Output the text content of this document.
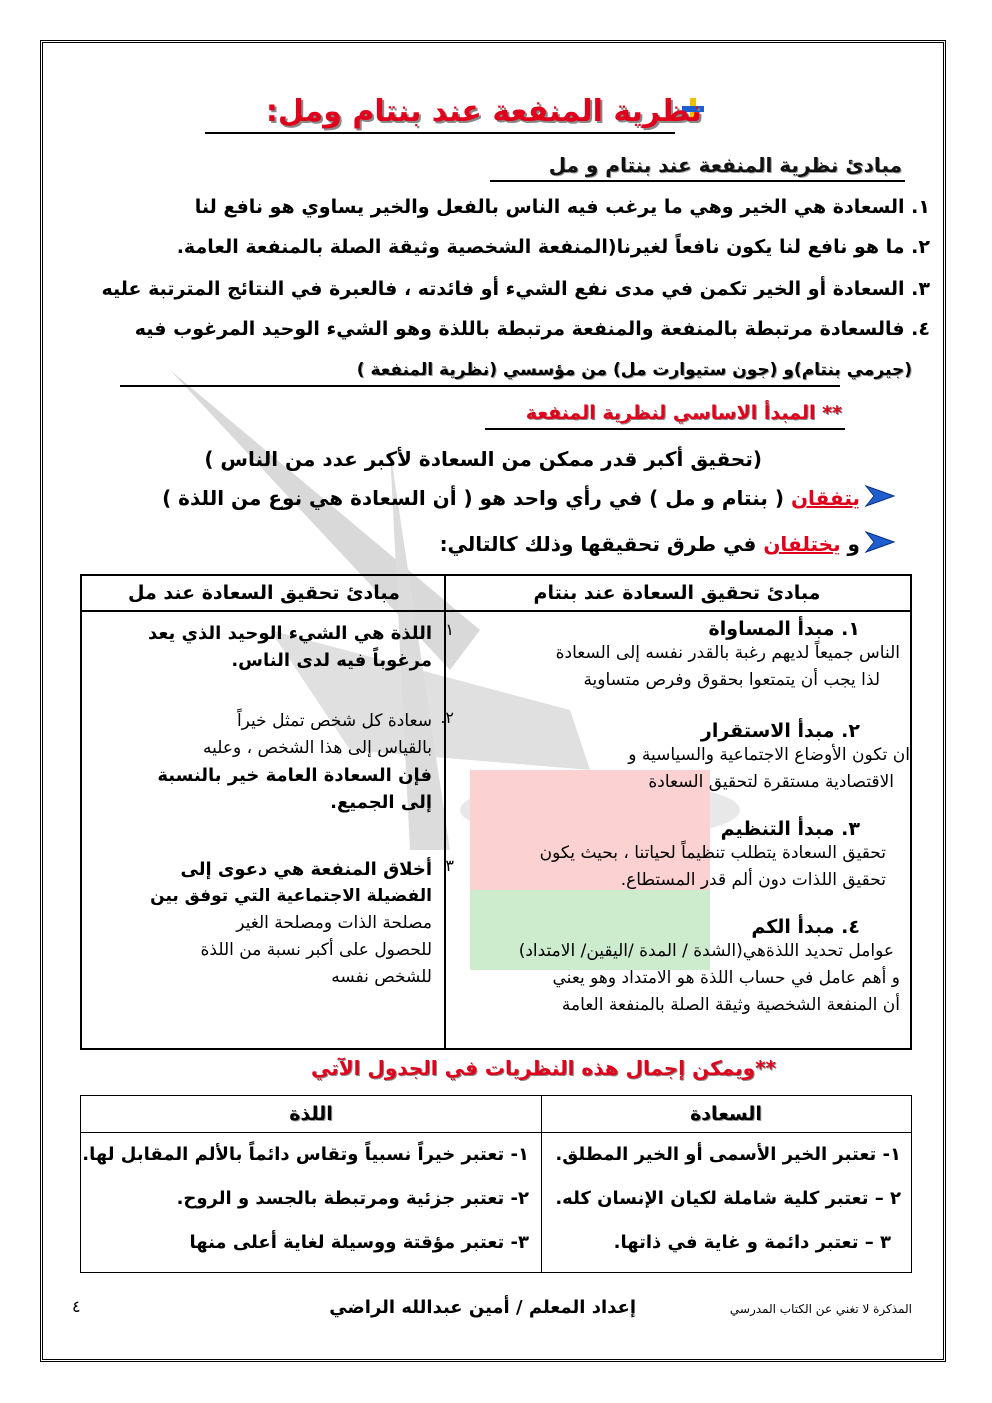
نظرية المنفعة عند بنتام ومل:
مبادئ نظرية المنفعة عند بنتام و مل
١. السعادة هي الخير وهي ما يرغب فيه الناس بالفعل والخير يساوي هو نافع لنا
٢. ما هو نافع لنا يكون نافعاً لغيرنا(المنفعة الشخصية وثيقة الصلة بالمنفعة العامة.
٣. السعادة أو الخير تكمن في مدى نفع الشيء أو فائدته ، فالعبرة في النتائج المترتبة عليه
٤. فالسعادة مرتبطة بالمنفعة والمنفعة مرتبطة باللذة وهو الشيء الوحيد المرغوب فيه
(جيرمي بنتام)و (جون ستيوارت مل) من مؤسسي (نظرية المنفعة )
** المبدأ الاساسي لنظرية المنفعة
(تحقيق أكبر قدر ممكن من السعادة لأكبر عدد من الناس )
يتفقان ( بنتام و مل ) في رأي واحد هو ( أن السعادة هي نوع من اللذة )
و يختلفان في طرق تحقيقها وذلك كالتالي:
مبادئ تحقيق السعادة عند بنتام
مبادئ تحقيق السعادة عند مل
١. مبدأ المساواة
الناس جميعاً لديهم رغبة بالقدر نفسه إلى السعادة
لذا يجب أن يتمتعوا بحقوق وفرص متساوية
٢. مبدأ الاستقرار
ان تكون الأوضاع الاجتماعية والسياسية و
الاقتصادية مستقرة لتحقيق السعادة
٣. مبدأ التنظيم
تحقيق السعادة يتطلب تنظيماً لحياتنا ، بحيث يكون
تحقيق اللذات دون ألم قدر المستطاع.
٤. مبدأ الكم
عوامل تحديد اللذةهي(الشدة / المدة /اليقين/ الامتداد)
و أهم عامل في حساب اللذة هو الامتداد وهو يعني
أن المنفعة الشخصية وثيقة الصلة بالمنفعة العامة
١
اللذة هي الشيء الوحيد الذي يعد
مرغوباً فيه لدى الناس.
٢.
سعادة كل شخص تمثل خيراً
بالقياس إلى هذا الشخص ، وعليه
فإن السعادة العامة خير بالنسبة
إلى الجميع.
٣
أخلاق المنفعة هي دعوى إلى
الفضيلة الاجتماعية التي توفق بين
مصلحة الذات ومصلحة الغير
للحصول على أكبر نسبة من اللذة
للشخص نفسه
**ويمكن إجمال هذه النظريات في الجدول الآتي
السعادة
اللذة
١- تعتبر الخير الأسمى أو الخير المطلق.
٢ – تعتبر كلية شاملة لكيان الإنسان كله.
٣ – تعتبر دائمة و غاية في ذاتها.
١- تعتبر خيراً نسبياً وتقاس دائماً بالألم المقابل لها.
٢- تعتبر جزئية ومرتبطة بالجسد و الروح.
٣- تعتبر مؤقتة ووسيلة لغاية أعلى منها
إعداد المعلم / أمين عبدالله الراضي	المذكرة لا تغني عن الكتاب المدرسي
٤
